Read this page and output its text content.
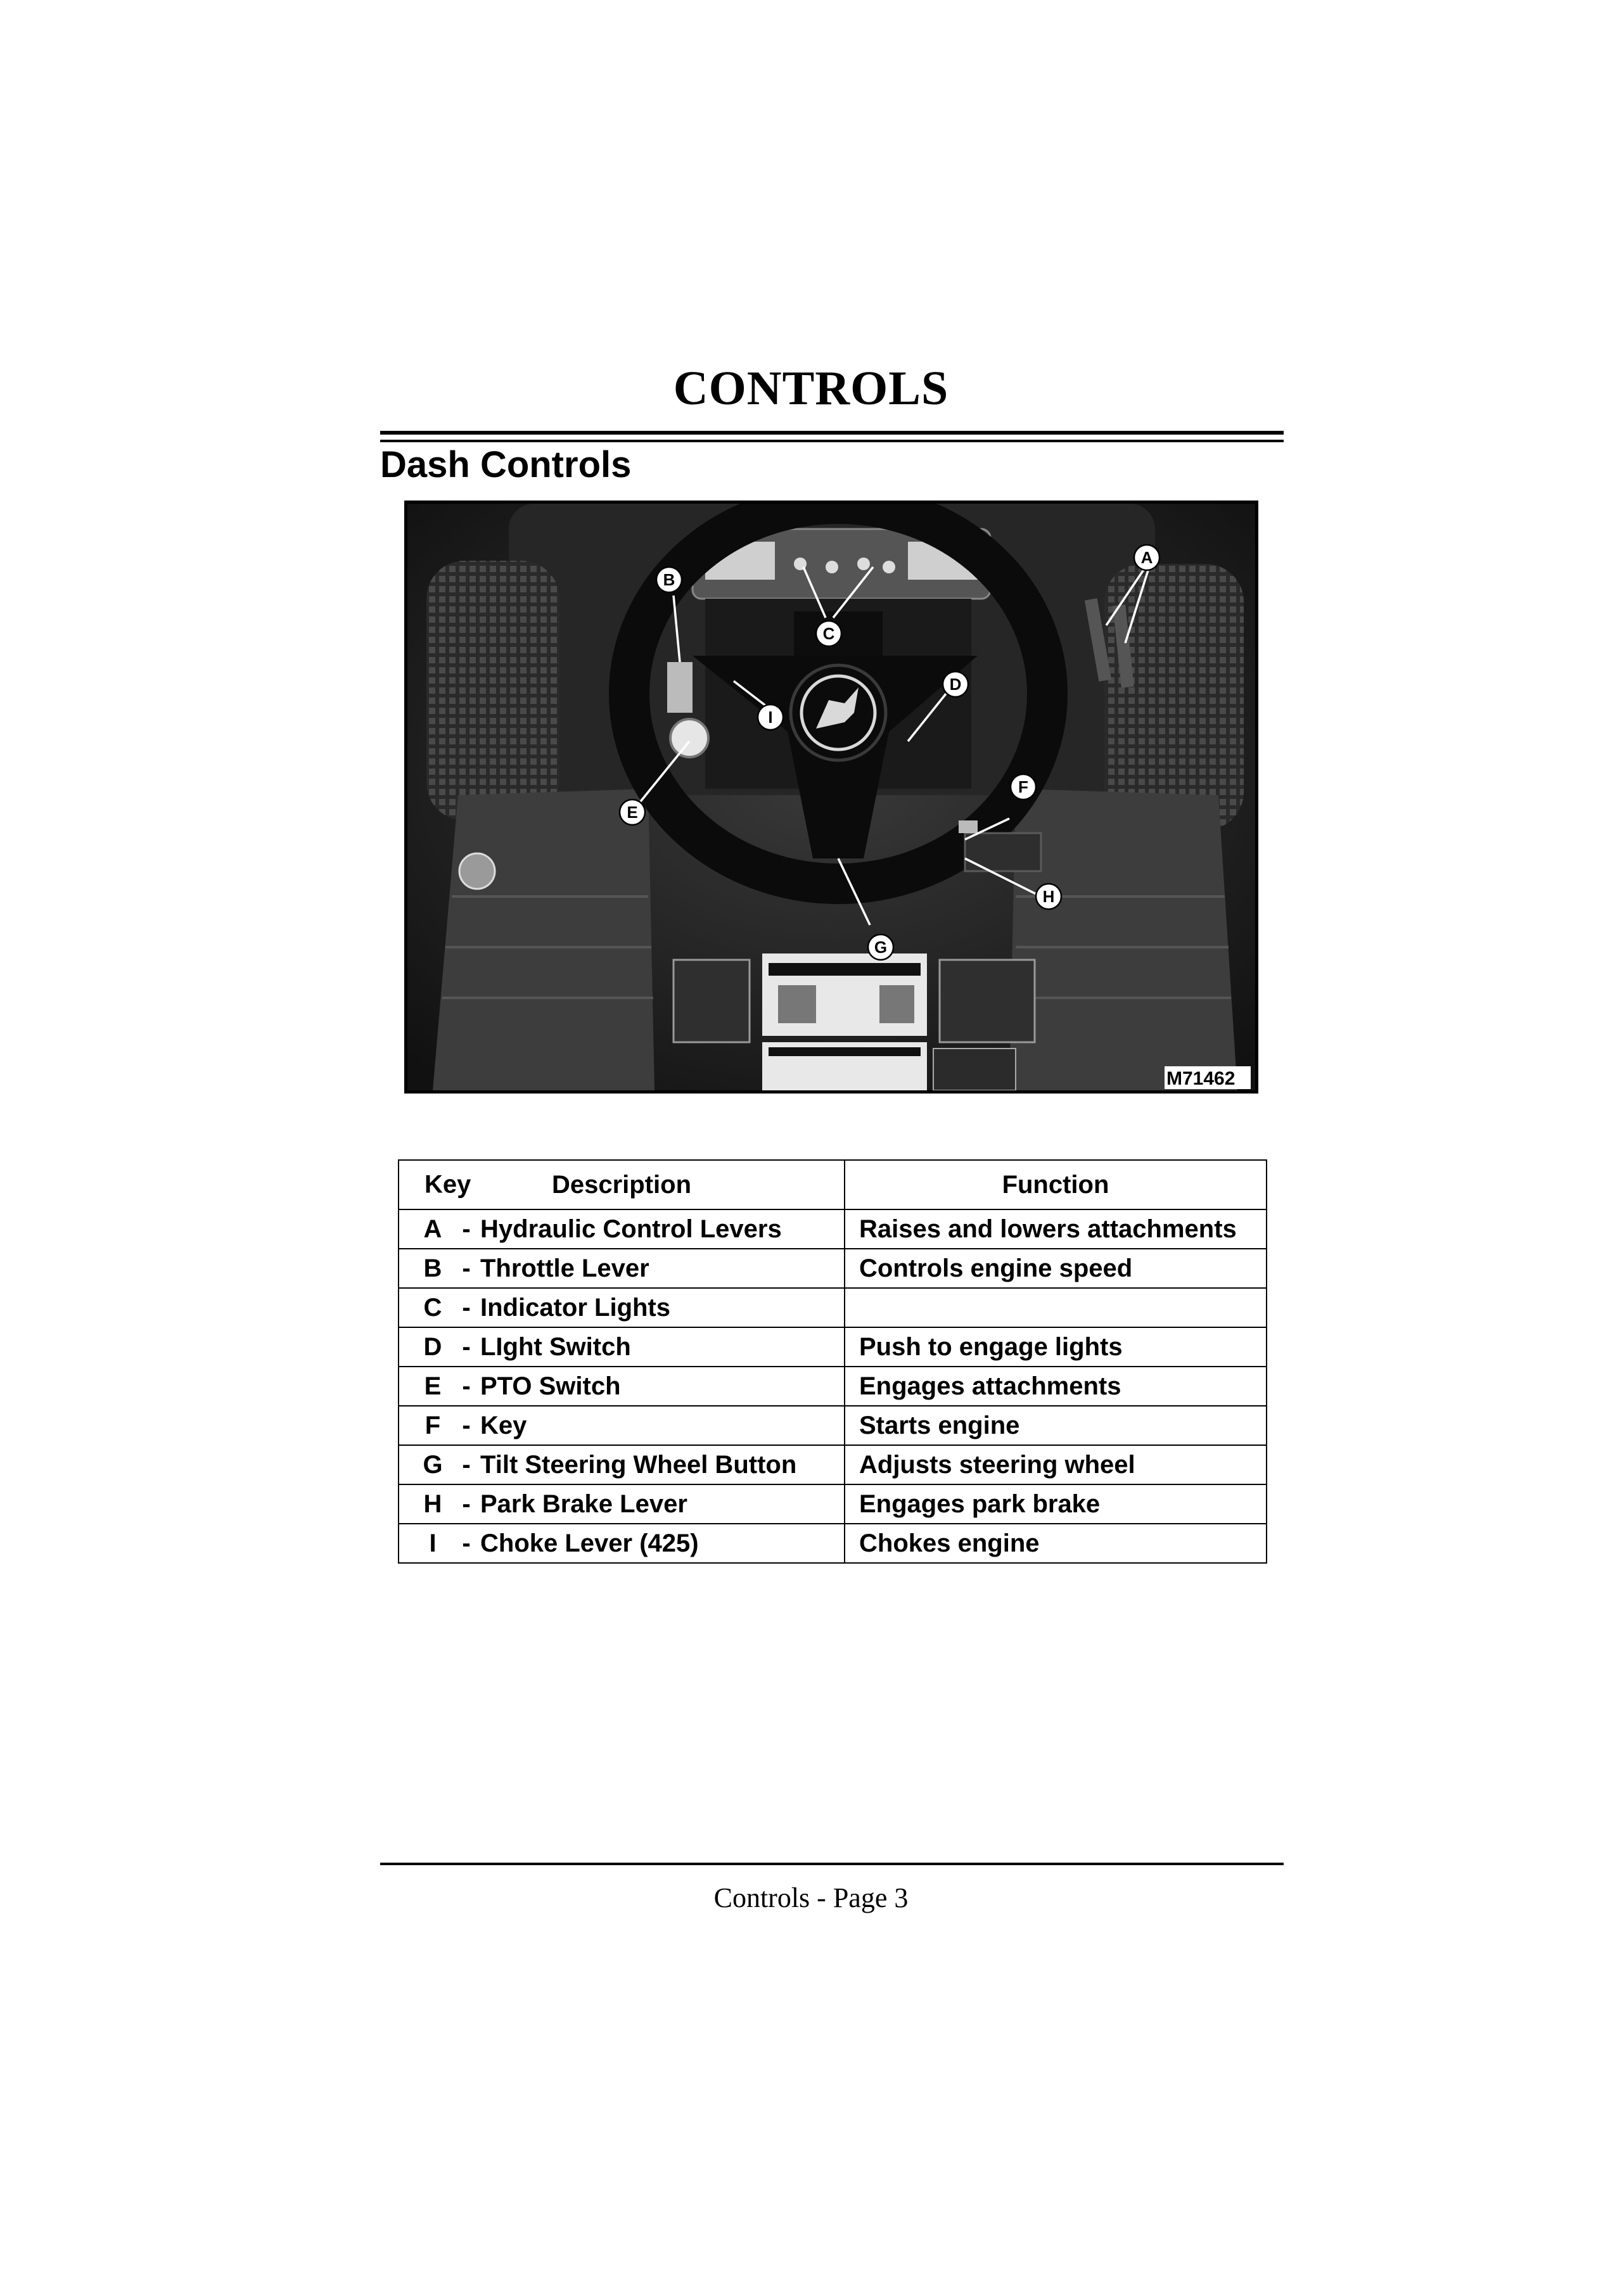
CONTROLS
Dash Controls
A
B
C
D
E
F
G
H
I
M71462
Key Description	Function
A - Hydraulic Control Levers	Raises and lowers attachments
B - Throttle Lever	Controls engine speed
C - Indicator Lights	
D - LIght Switch	Push to engage lights
E - PTO Switch	Engages attachments
F - Key	Starts engine
G - Tilt Steering Wheel Button	Adjusts steering wheel
H - Park Brake Lever	Engages park brake
I - Choke Lever (425)	Chokes engine
Controls - Page 3
